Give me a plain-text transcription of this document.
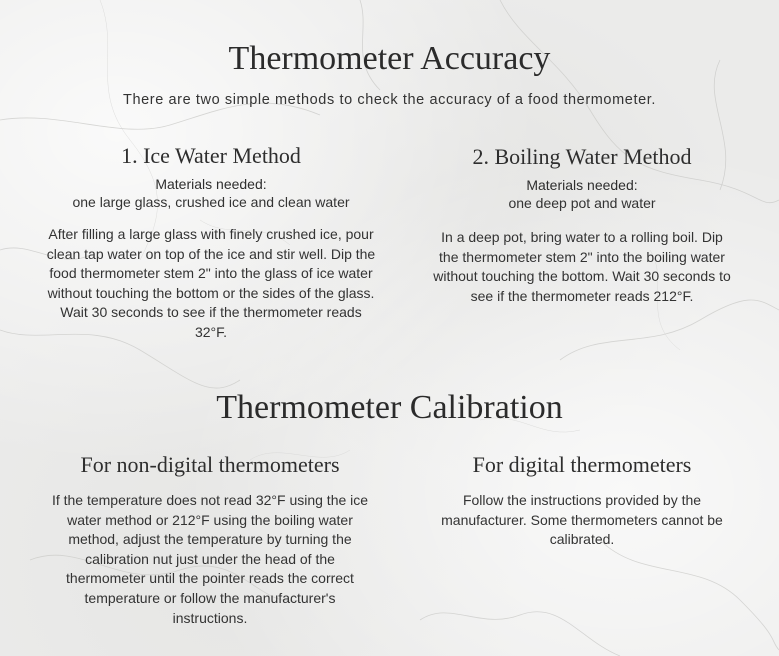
Thermometer Accuracy
There are two simple methods to check the accuracy of a food thermometer.
1. Ice Water Method
Materials needed:
one large glass, crushed ice and clean water

After filling a large glass with finely crushed ice, pour clean tap water on top of the ice and stir well. Dip the food thermometer stem 2" into the glass of ice water without touching the bottom or the sides of the glass. Wait 30 seconds to see if the thermometer reads 32°F.

2. Boiling Water Method
Materials needed:
one deep pot and water

In a deep pot, bring water to a rolling boil. Dip the thermometer stem 2" into the boiling water without touching the bottom. Wait 30 seconds to see if the thermometer reads 212°F.

Thermometer Calibration
For non-digital thermometers

If the temperature does not read 32°F using the ice water method or 212°F using the boiling water method, adjust the temperature by turning the calibration nut just under the head of the thermometer until the pointer reads the correct temperature or follow the manufacturer's instructions.

For digital thermometers

Follow the instructions provided by the manufacturer. Some thermometers cannot be calibrated.
